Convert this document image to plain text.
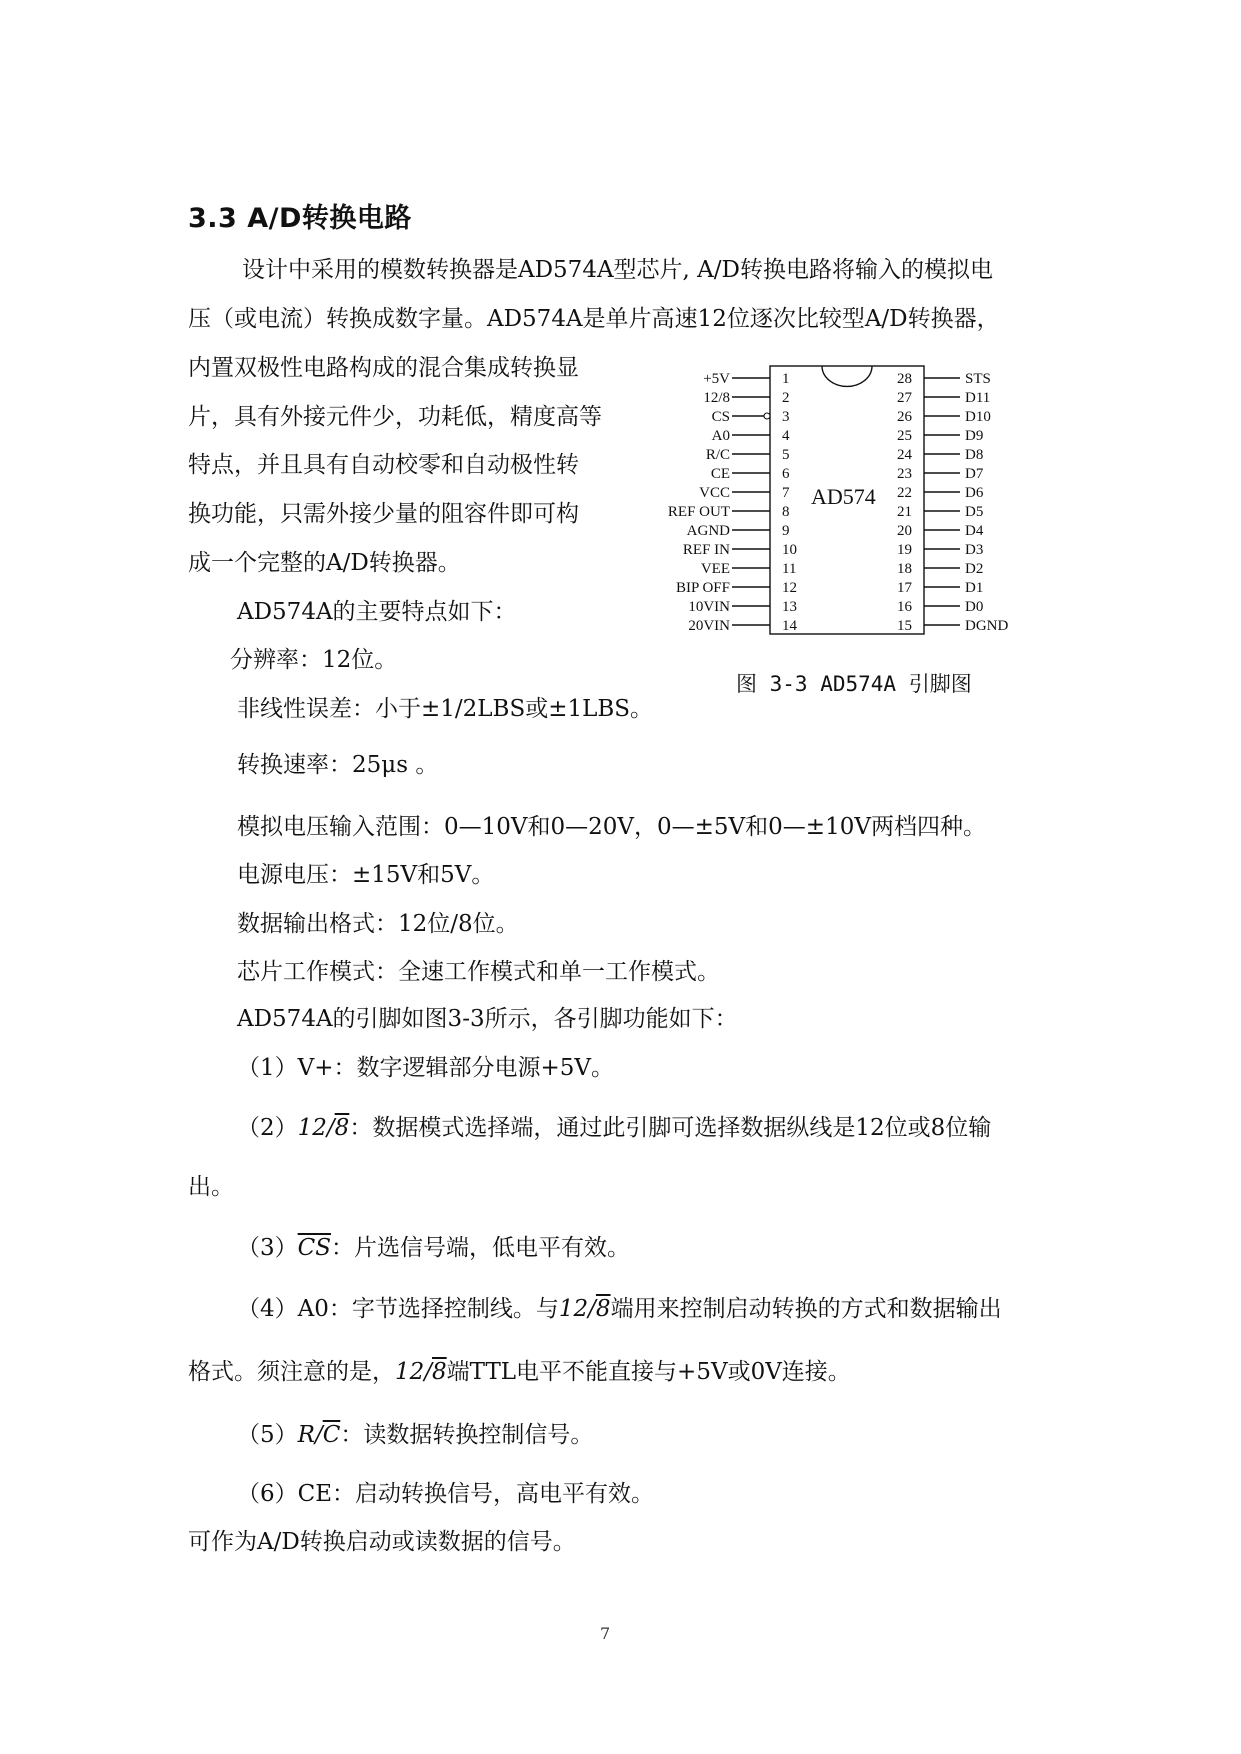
3.3 A/D转换电路
设计中采用的模数转换器是AD574A型芯片, A/D转换电路将输入的模拟电
压（或电流）转换成数字量。AD574A是单片高速12位逐次比较型A/D转换器，
内置双极性电路构成的混合集成转换显
片，具有外接元件少，功耗低，精度高等
特点，并且具有自动校零和自动极性转
换功能，只需外接少量的阻容件即可构
成一个完整的A/D转换器。
AD574A的主要特点如下：
分辨率：12位。
非线性误差：小于±1/2LBS或±1LBS。
转换速率：25μs 。
模拟电压输入范围：0—10V和0—20V，0—±5V和0—±10V两档四种。
电源电压：±15V和5V。
数据输出格式：12位/8位。
芯片工作模式：全速工作模式和单一工作模式。
AD574A的引脚如图3-3所示，各引脚功能如下：
AD574
+5V	1
12/8	2
CS	3
A0	4
R/C	5
CE	6
VCC	7
REF OUT	8
AGND	9
REF IN	10
VEE	11
BIP OFF	12
10VIN	13
20VIN	14
28	STS
27	D11
26	D10
25	D9
24	D8
23	D7
22	D6
21	D5
20	D4
19	D3
18	D2
17	D1
16	D0
15	DGND
图 3-3 AD574A 引脚图
（1）V+：数字逻辑部分电源+5V。
（2）12/8：数据模式选择端，通过此引脚可选择数据纵线是12位或8位输
出。
$(3)\overline{CS}$：片选信号端，低电平有效。
（4）A0：字节选择控制线。与12/8端用来控制启动转换的方式和数据输出
格式。须注意的是，12/8端TTL电平不能直接与+5V或0V连接。
$(5)R/\overline{C}$：读数据转换控制信号。
（6）CE：启动转换信号，高电平有效。
可作为A/D转换启动或读数据的信号。
7
